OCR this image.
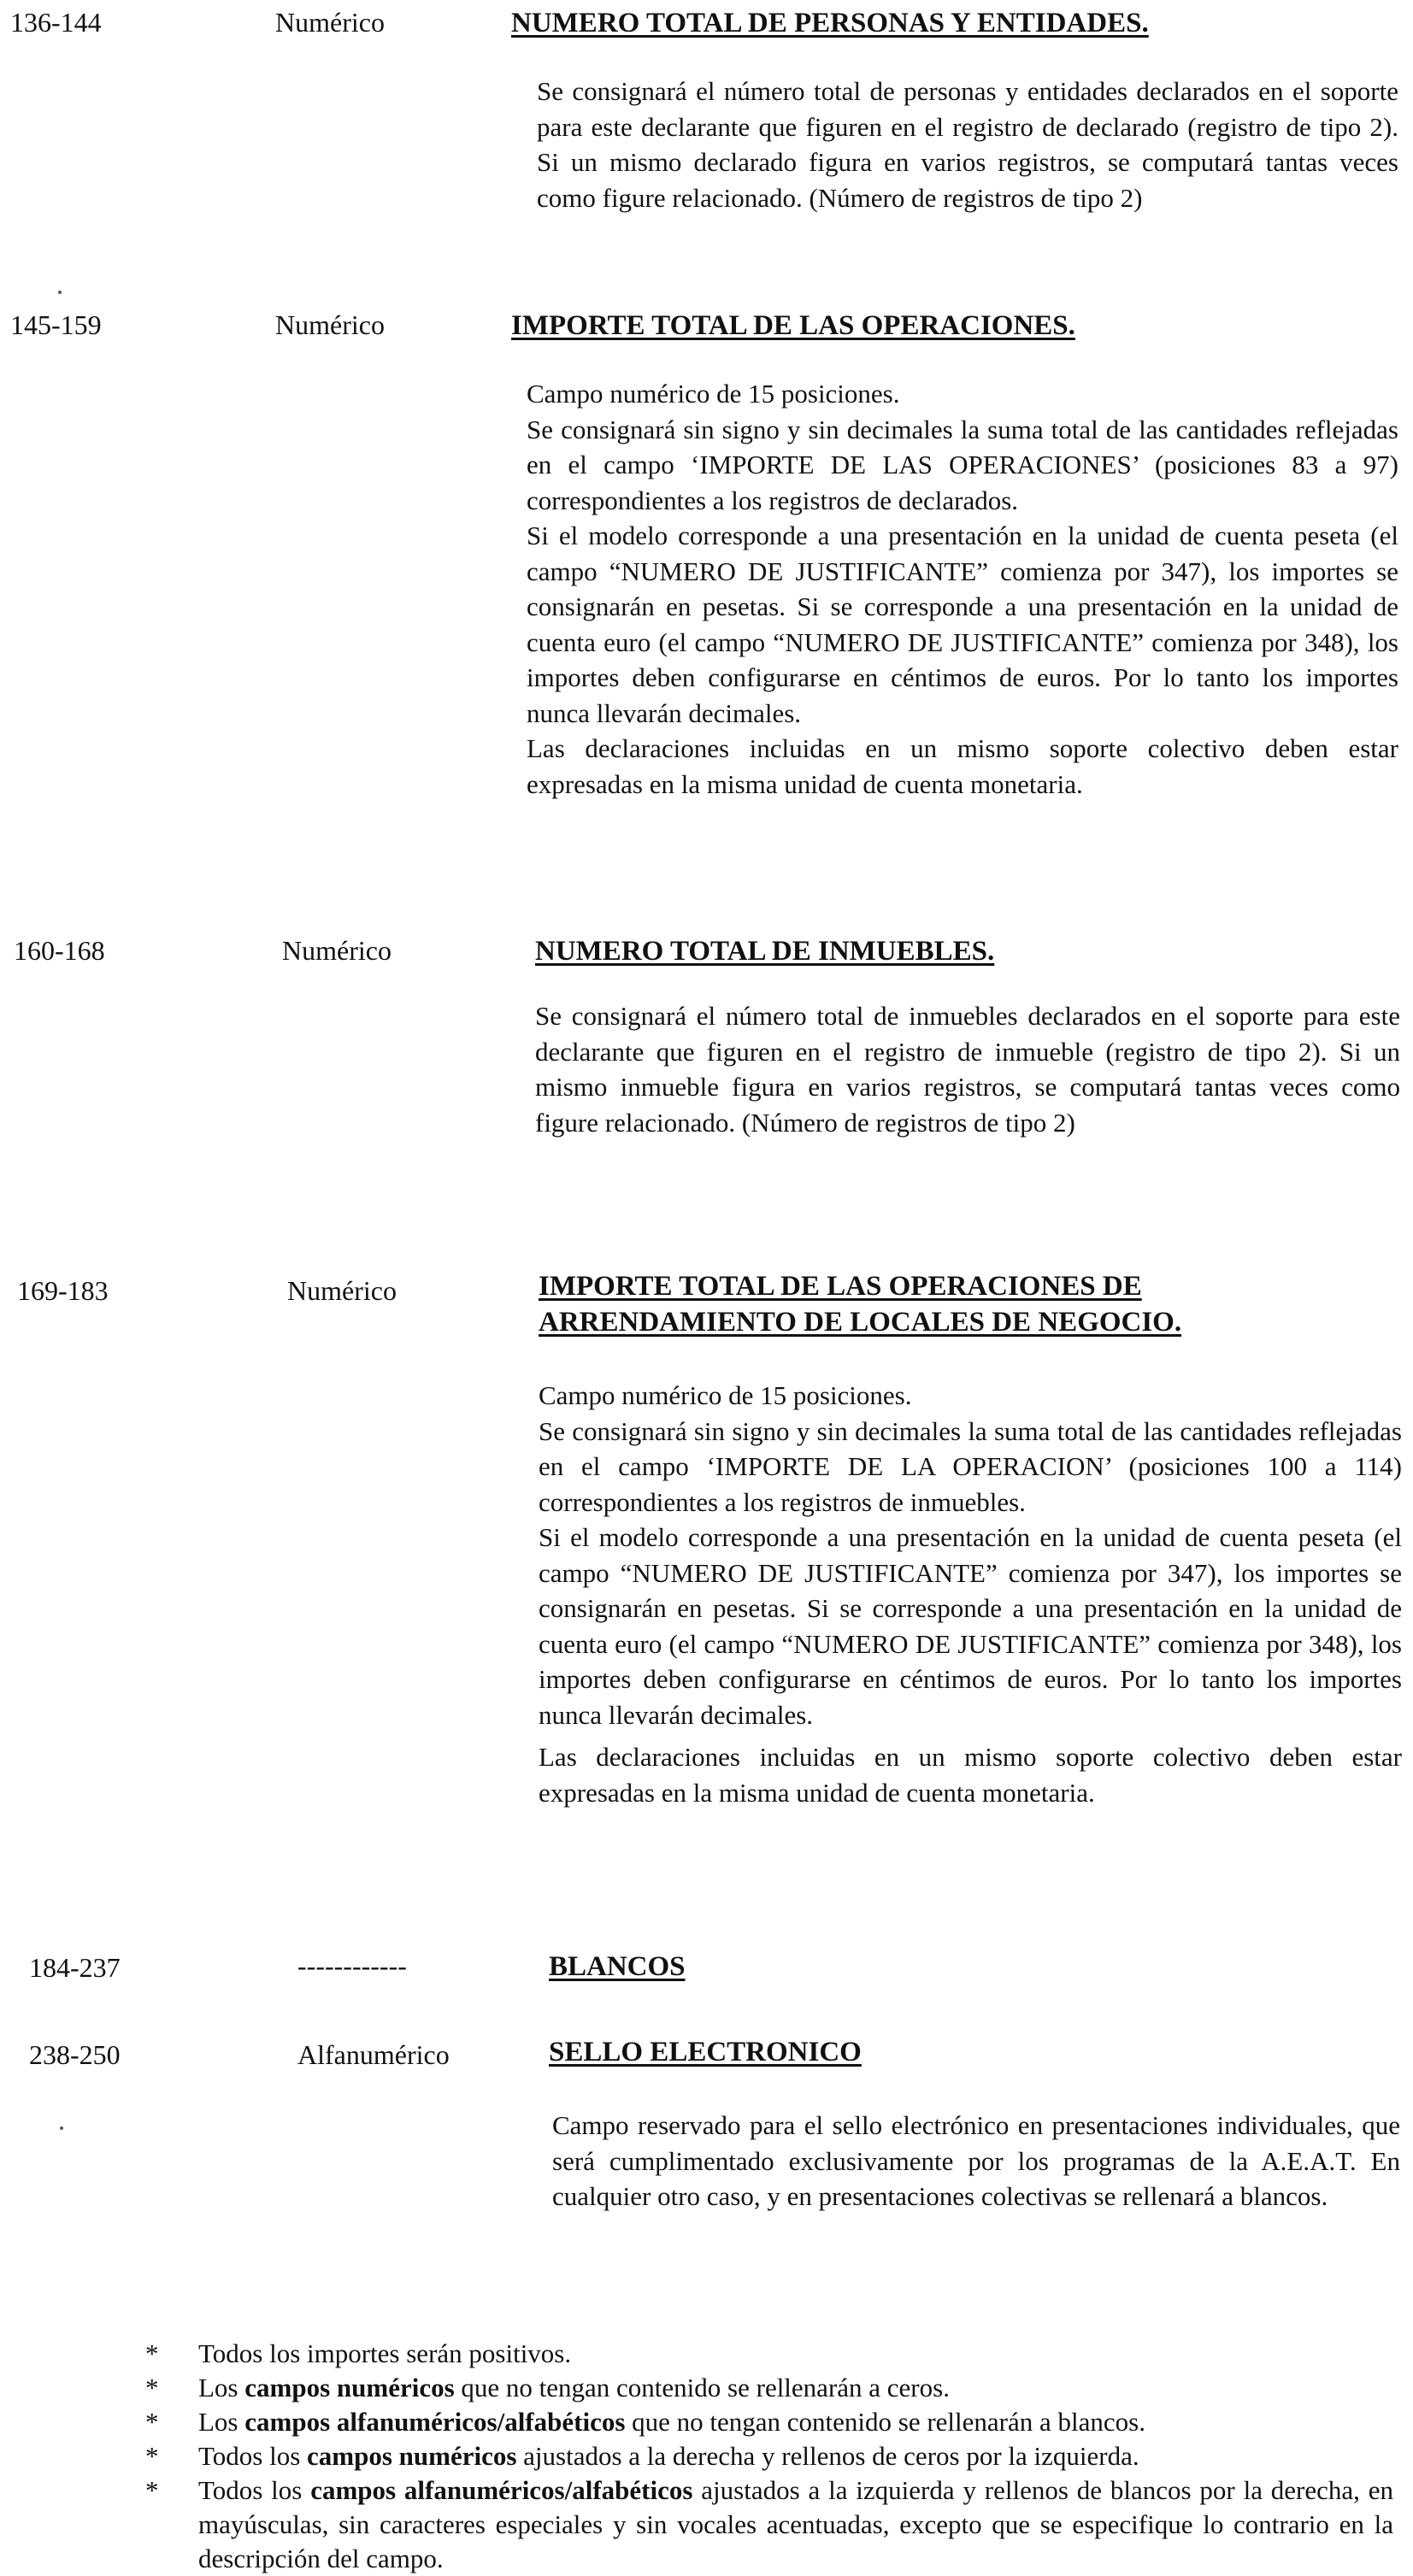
136-144	Numérico	NUMERO TOTAL DE PERSONAS Y ENTIDADES.

Se consignará el número total de personas y entidades declarados en el soporte para este declarante que figuren en el registro de declarado (registro de tipo 2). Si un mismo declarado figura en varios registros, se computará tantas veces como figure relacionado. (Número de registros de tipo 2)

145-159	Numérico	IMPORTE TOTAL DE LAS OPERACIONES.

Campo numérico de 15 posiciones.

Se consignará sin signo y sin decimales la suma total de las cantidades reflejadas en el campo ‘IMPORTE DE LAS OPERACIONES’ (posiciones 83 a 97) correspondientes a los registros de declarados.

Si el modelo corresponde a una presentación en la unidad de cuenta peseta (el campo “NUMERO DE JUSTIFICANTE” comienza por 347), los importes se consignarán en pesetas. Si se corresponde a una presentación en la unidad de cuenta euro (el campo “NUMERO DE JUSTIFICANTE” comienza por 348), los importes deben configurarse en céntimos de euros. Por lo tanto los importes nunca llevarán decimales.

Las declaraciones incluidas en un mismo soporte colectivo deben estar expresadas en la misma unidad de cuenta monetaria.

160-168	Numérico	NUMERO TOTAL DE INMUEBLES.

Se consignará el número total de inmuebles declarados en el soporte para este declarante que figuren en el registro de inmueble (registro de tipo 2). Si un mismo inmueble figura en varios registros, se computará tantas veces como figure relacionado. (Número de registros de tipo 2)

169-183	Numérico	IMPORTE TOTAL DE LAS OPERACIONES DE ARRENDAMIENTO DE LOCALES DE NEGOCIO.

Campo numérico de 15 posiciones.

Se consignará sin signo y sin decimales la suma total de las cantidades reflejadas en el campo ‘IMPORTE DE LA OPERACION’ (posiciones 100 a 114) correspondientes a los registros de inmuebles.

Si el modelo corresponde a una presentación en la unidad de cuenta peseta (el campo “NUMERO DE JUSTIFICANTE” comienza por 347), los importes se consignarán en pesetas. Si se corresponde a una presentación en la unidad de cuenta euro (el campo “NUMERO DE JUSTIFICANTE” comienza por 348), los importes deben configurarse en céntimos de euros. Por lo tanto los importes nunca llevarán decimales.

Las declaraciones incluidas en un mismo soporte colectivo deben estar expresadas en la misma unidad de cuenta monetaria.

184-237	------------	BLANCOS
238-250	Alfanumérico	SELLO ELECTRONICO

Campo reservado para el sello electrónico en presentaciones individuales, que será cumplimentado exclusivamente por los programas de la A.E.A.T. En cualquier otro caso, y en presentaciones colectivas se rellenará a blancos.

* Todos los importes serán positivos.
* Los campos numéricos que no tengan contenido se rellenarán a ceros.
* Los campos alfanuméricos/alfabéticos que no tengan contenido se rellenarán a blancos.
* Todos los campos numéricos ajustados a la derecha y rellenos de ceros por la izquierda.
* Todos los campos alfanuméricos/alfabéticos ajustados a la izquierda y rellenos de blancos por la derecha, en mayúsculas, sin caracteres especiales y sin vocales acentuadas, excepto que se especifique lo contrario en la descripción del campo.
